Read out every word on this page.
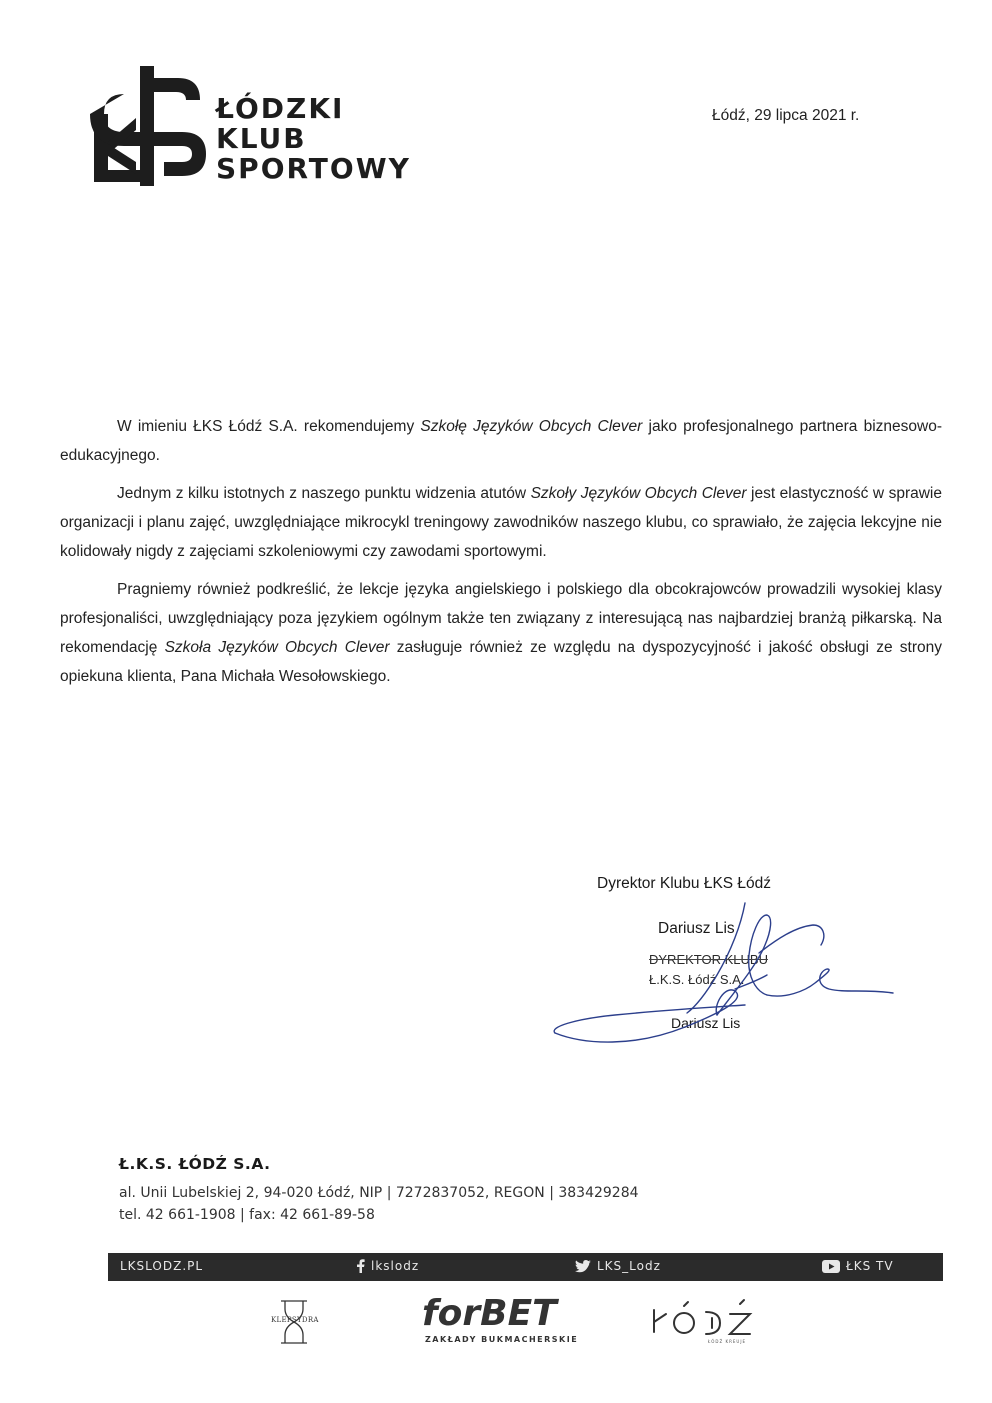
ŁÓDZKI
KLUB
SPORTOWY
Łódź, 29 lipca 2021 r.

W imieniu ŁKS Łódź S.A. rekomendujemy Szkołę Języków Obcych Clever jako profesjonalnego partnera biznesowo-edukacyjnego.

Jednym z kilku istotnych z naszego punktu widzenia atutów Szkoły Języków Obcych Clever jest elastyczność w sprawie organizacji i planu zajęć, uwzględniające mikrocykl treningowy zawodników naszego klubu, co sprawiało, że zajęcia lekcyjne nie kolidowały nigdy z zajęciami szkoleniowymi czy zawodami sportowymi.

Pragniemy również podkreślić, że lekcje języka angielskiego i polskiego dla obcokrajowców prowadzili wysokiej klasy profesjonaliści, uwzględniający poza językiem ogólnym także ten związany z interesującą nas najbardziej branżą piłkarską. Na rekomendację Szkoła Języków Obcych Clever zasługuje również ze względu na dyspozycyjność i jakość obsługi ze strony opiekuna klienta, Pana Michała Wesołowskiego.

Dyrektor Klubu ŁKS Łódź
Dariusz Lis
DYREKTOR KLUBU
Ł.K.S. Łódź S.A.
Dariusz Lis
Ł.K.S. ŁÓDŹ S.A.
al. Unii Lubelskiej 2, 94-020 Łódź, NIP | 7272837052, REGON | 383429284
tel. 42 661-1908 | fax: 42 661-89-58
LKSLODZ.PL	lkslodz	LKS_Lodz	ŁKS TV
KLEPSYDRA	forBET
ZAKŁADY BUKMACHERSKIE	ŁÓDŹ KREUJE
